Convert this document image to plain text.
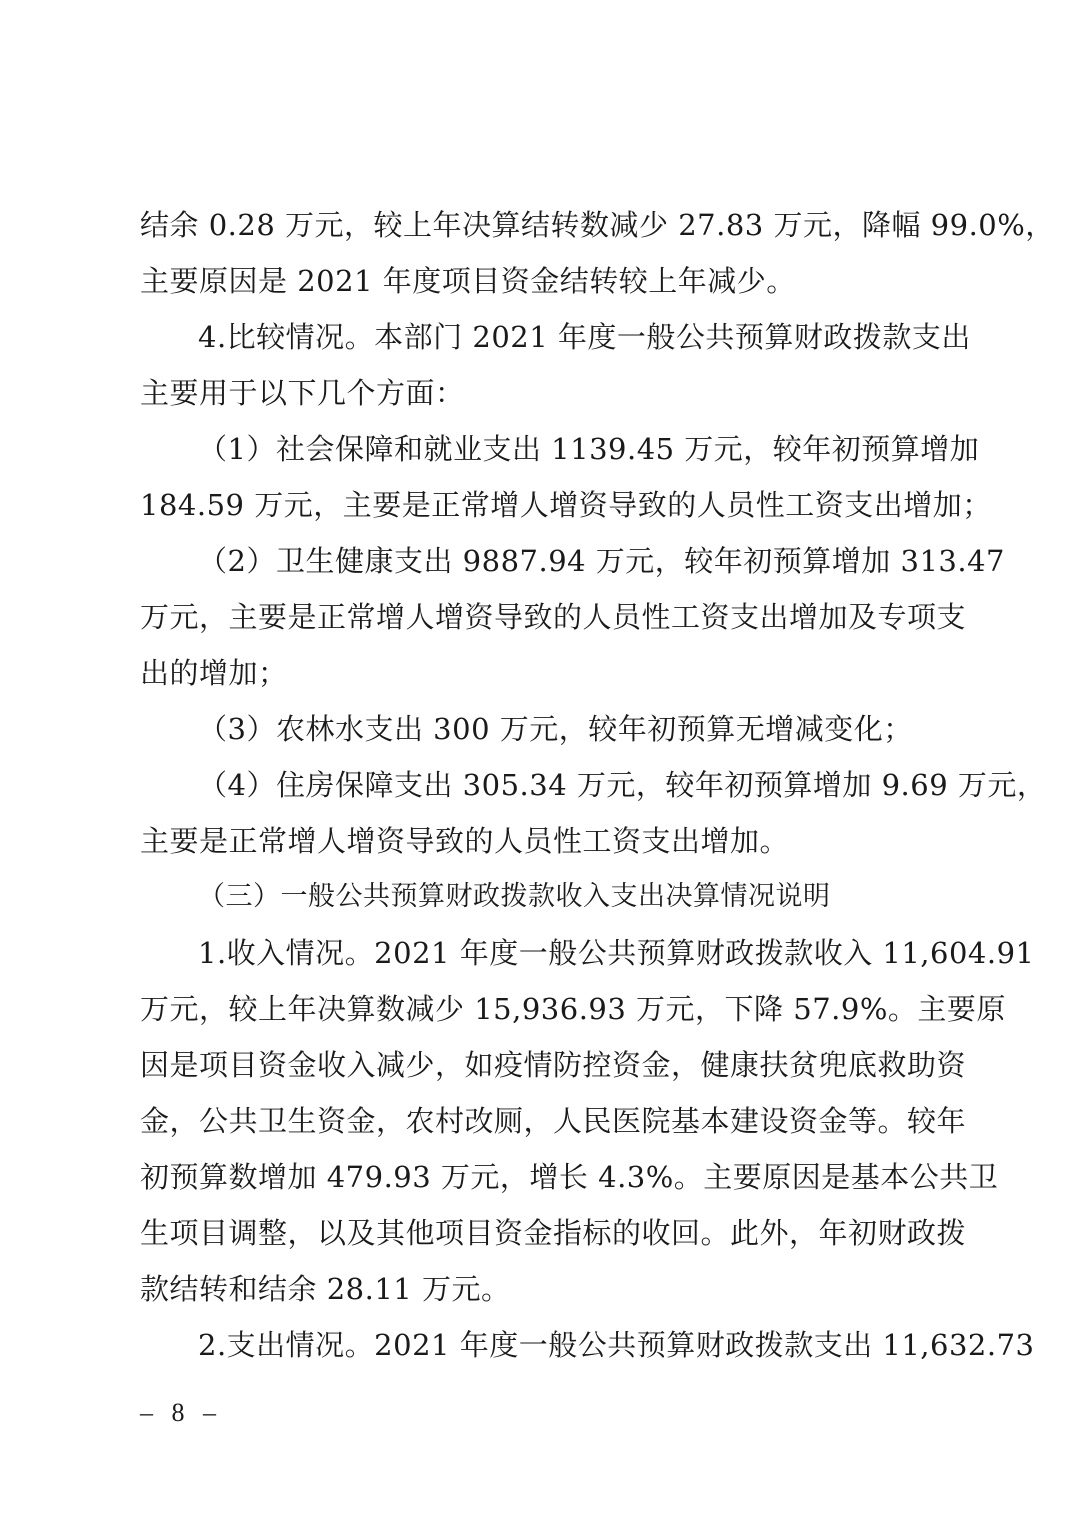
结余 0.28 万元，较上年决算结转数减少 27.83 万元，降幅 99.0%，
主要原因是 2021 年度项目资金结转较上年减少。
4.比较情况。本部门 2021 年度一般公共预算财政拨款支出
主要用于以下几个方面：
（1）社会保障和就业支出 1139.45 万元，较年初预算增加
184.59 万元，主要是正常增人增资导致的人员性工资支出增加；
（2）卫生健康支出 9887.94 万元，较年初预算增加 313.47
万元，主要是正常增人增资导致的人员性工资支出增加及专项支
出的增加；
（3）农林水支出 300 万元，较年初预算无增减变化；
（4）住房保障支出 305.34 万元，较年初预算增加 9.69 万元，
主要是正常增人增资导致的人员性工资支出增加。
（三）一般公共预算财政拨款收入支出决算情况说明
1.收入情况。2021 年度一般公共预算财政拨款收入 11,604.91
万元，较上年决算数减少 15,936.93 万元，下降 57.9%。主要原
因是项目资金收入减少，如疫情防控资金，健康扶贫兜底救助资
金，公共卫生资金，农村改厕，人民医院基本建设资金等。较年
初预算数增加 479.93 万元，增长 4.3%。主要原因是基本公共卫
生项目调整，以及其他项目资金指标的收回。此外，年初财政拨
款结转和结余 28.11 万元。
2.支出情况。2021 年度一般公共预算财政拨款支出 11,632.73
– 8 –
